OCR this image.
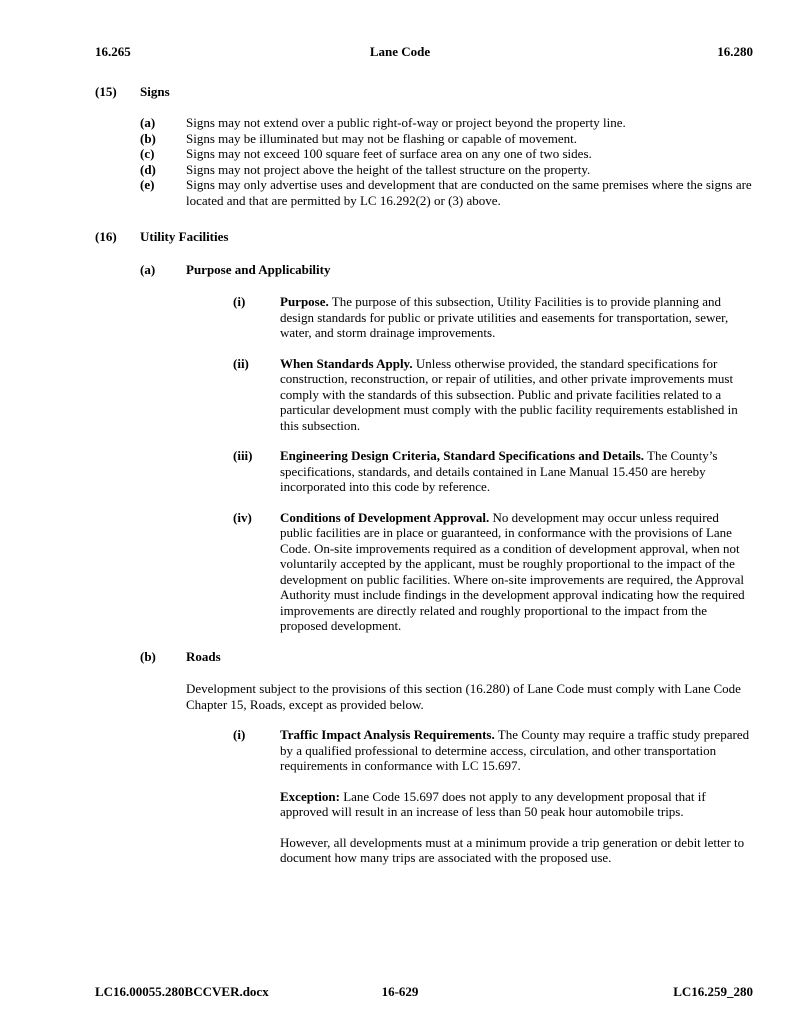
16.265	Lane Code	16.280
(15)	Signs
(a)	Signs may not extend over a public right-of-way or project beyond the property line.
(b)	Signs may be illuminated but may not be flashing or capable of movement.
(c)	Signs may not exceed 100 square feet of surface area on any one of two sides.
(d)	Signs may not project above the height of the tallest structure on the property.
(e)	Signs may only advertise uses and development that are conducted on the same premises where the signs are located and that are permitted by LC 16.292(2) or (3) above.
(16)	Utility Facilities
(a)	Purpose and Applicability
(i)	Purpose. The purpose of this subsection, Utility Facilities is to provide planning and design standards for public or private utilities and easements for transportation, sewer, water, and storm drainage improvements.
(ii)	When Standards Apply. Unless otherwise provided, the standard specifications for construction, reconstruction, or repair of utilities, and other private improvements must comply with the standards of this subsection. Public and private facilities related to a particular development must comply with the public facility requirements established in this subsection.
(iii)	Engineering Design Criteria, Standard Specifications and Details. The County’s specifications, standards, and details contained in Lane Manual 15.450 are hereby incorporated into this code by reference.
(iv)	Conditions of Development Approval. No development may occur unless required public facilities are in place or guaranteed, in conformance with the provisions of Lane Code. On-site improvements required as a condition of development approval, when not voluntarily accepted by the applicant, must be roughly proportional to the impact of the development on public facilities. Where on-site improvements are required, the Approval Authority must include findings in the development approval indicating how the required improvements are directly related and roughly proportional to the impact from the proposed development.
(b)	Roads
Development subject to the provisions of this section (16.280) of Lane Code must comply with Lane Code Chapter 15, Roads, except as provided below.
(i)	Traffic Impact Analysis Requirements. The County may require a traffic study prepared by a qualified professional to determine access, circulation, and other transportation requirements in conformance with LC 15.697.
Exception: Lane Code 15.697 does not apply to any development proposal that if approved will result in an increase of less than 50 peak hour automobile trips.
However, all developments must at a minimum provide a trip generation or debit letter to document how many trips are associated with the proposed use.
LC16.00055.280BCCVER.docx	16-629	LC16.259_280
